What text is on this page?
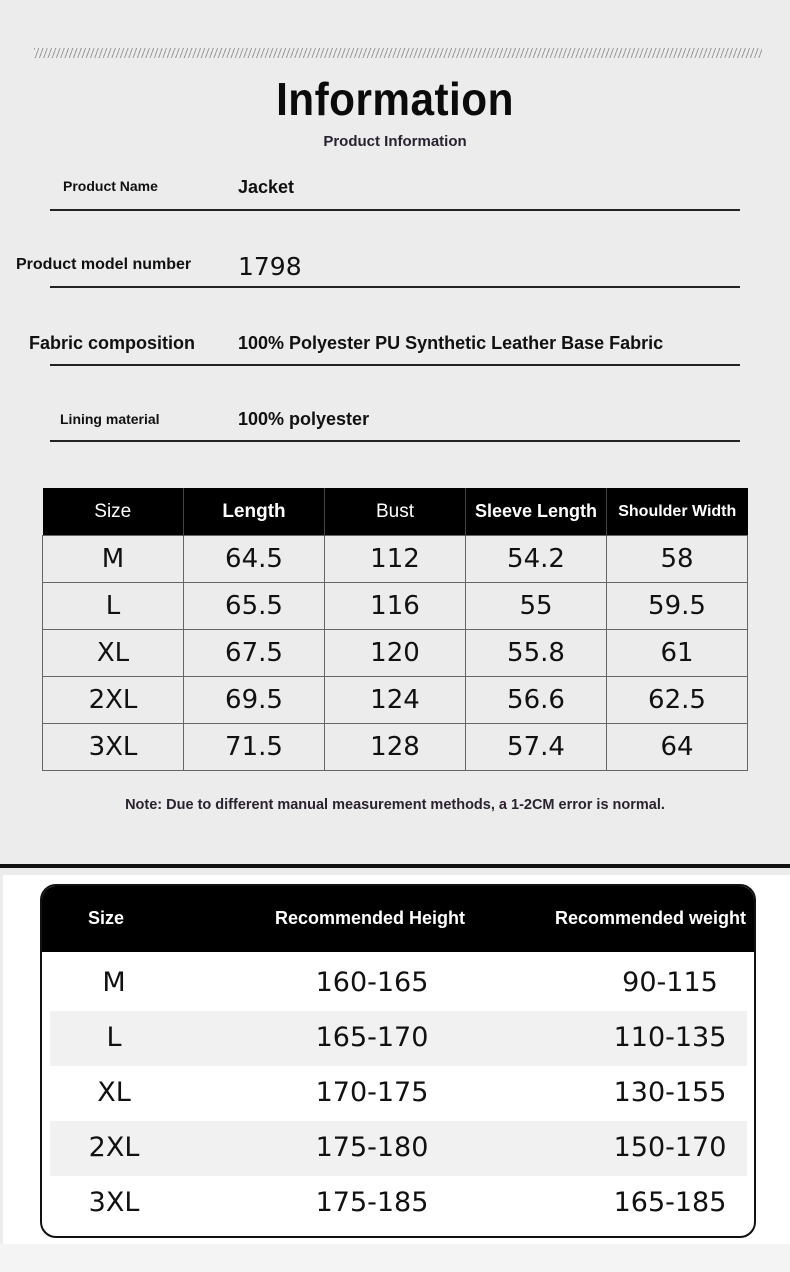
Information
Product Information
Product Name	Jacket
Product model number 1798
Fabric composition 100% Polyester PU Synthetic Leather Base Fabric
Lining material	100% polyester
Size	Length	Bust	Sleeve Length	Shoulder Width
M	64.5	112	54.2	58
L	65.5	116	55	59.5
XL	67.5	120	55.8	61
2XL	69.5	124	56.6	62.5
3XL	71.5	128	57.4	64
Note: Due to different manual measurement methods, a 1-2CM error is normal.
Size	Recommended Height	Recommended weight
M	160-165	90-115
L	165-170	110-135
XL	170-175	130-155
2XL	175-180	150-170
3XL	175-185	165-185
